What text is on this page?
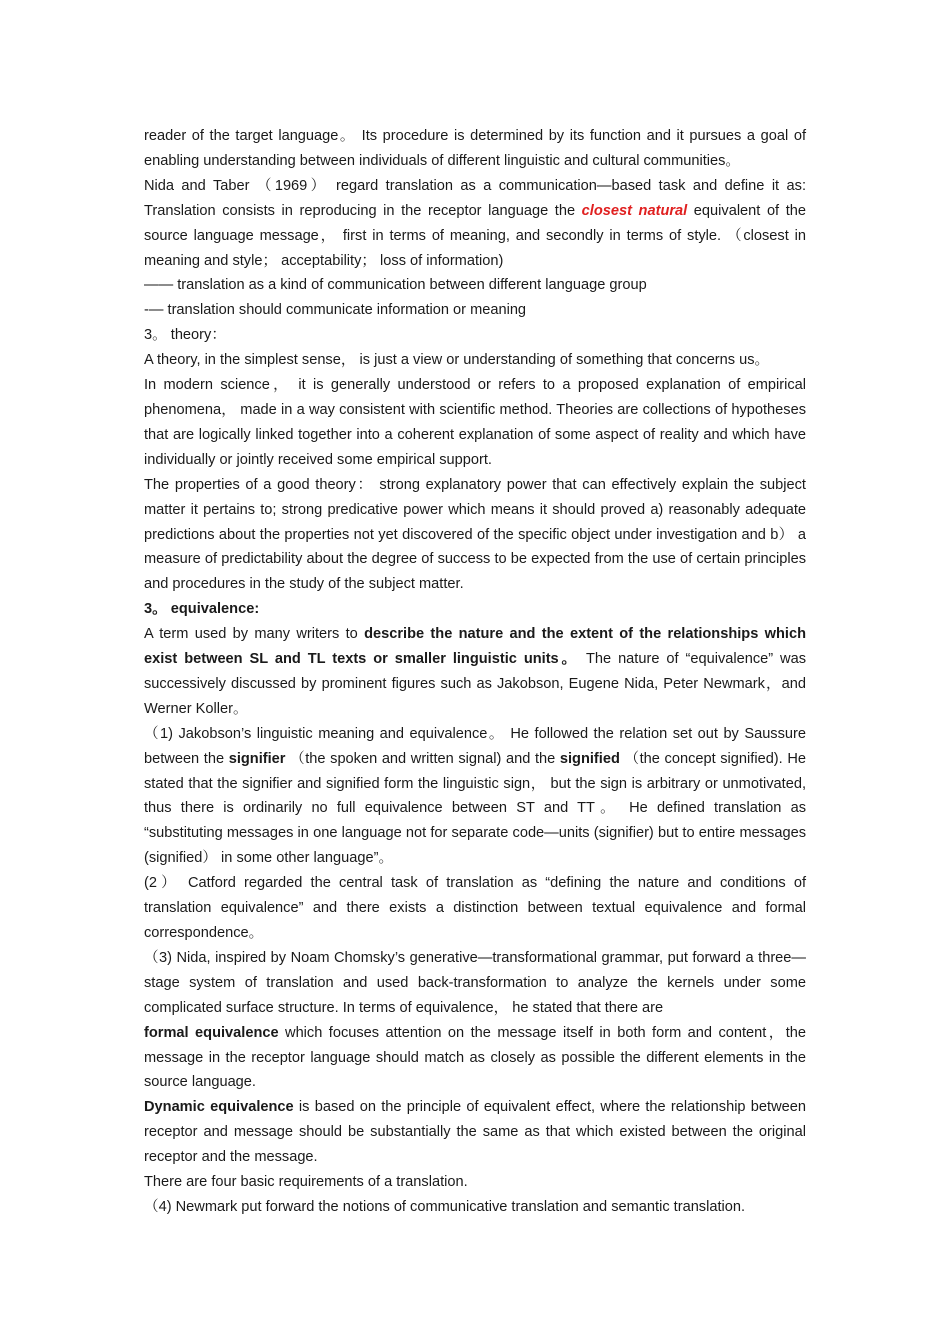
reader of the target language。 Its procedure is determined by its function and it pursues a goal of enabling understanding between individuals of different linguistic and cultural communities。

Nida and Taber （1969） regard translation as a communication—based task and define it as: Translation consists in reproducing in the receptor language the closest natural equivalent of the source language message， first in terms of meaning, and secondly in terms of style. （closest in meaning and style； acceptability； loss of information)

—— translation as a kind of communication between different language group

-— translation should communicate information or meaning

3。 theory：

A theory, in the simplest sense， is just a view or understanding of something that concerns us。

In modern science， it is generally understood or refers to a proposed explanation of empirical phenomena， made in a way consistent with scientific method. Theories are collections of hypotheses that are logically linked together into a coherent explanation of some aspect of reality and which have individually or jointly received some empirical support.

The properties of a good theory： strong explanatory power that can effectively explain the subject matter it pertains to; strong predicative power which means it should proved a) reasonably adequate predictions about the properties not yet discovered of the specific object under investigation and b） a measure of predictability about the degree of success to be expected from the use of certain principles and procedures in the study of the subject matter.

3。 equivalence:

A term used by many writers to describe the nature and the extent of the relationships which exist between SL and TL texts or smaller linguistic units。 The nature of “equivalence” was successively discussed by prominent figures such as Jakobson, Eugene Nida, Peter Newmark，and Werner Koller。

（1) Jakobson’s linguistic meaning and equivalence。 He followed the relation set out by Saussure between the signifier （the spoken and written signal) and the signified （the concept signified). He stated that the signifier and signified form the linguistic sign， but the sign is arbitrary or unmotivated, thus there is ordinarily no full equivalence between ST and TT。 He defined translation as “substituting messages in one language not for separate code—units (signifier) but to entire messages (signified） in some other language”。

(2） Catford regarded the central task of translation as “defining the nature and conditions of translation equivalence” and there exists a distinction between textual equivalence and formal correspondence。

（3) Nida, inspired by Noam Chomsky’s generative—transformational grammar, put forward a three—stage system of translation and used back-transformation to analyze the kernels under some complicated surface structure. In terms of equivalence， he stated that there are

formal equivalence which focuses attention on the message itself in both form and content，the message in the receptor language should match as closely as possible the different elements in the source language.

Dynamic equivalence is based on the principle of equivalent effect, where the relationship between receptor and message should be substantially the same as that which existed between the original receptor and the message.

There are four basic requirements of a translation.

（4) Newmark put forward the notions of communicative translation and semantic translation.
